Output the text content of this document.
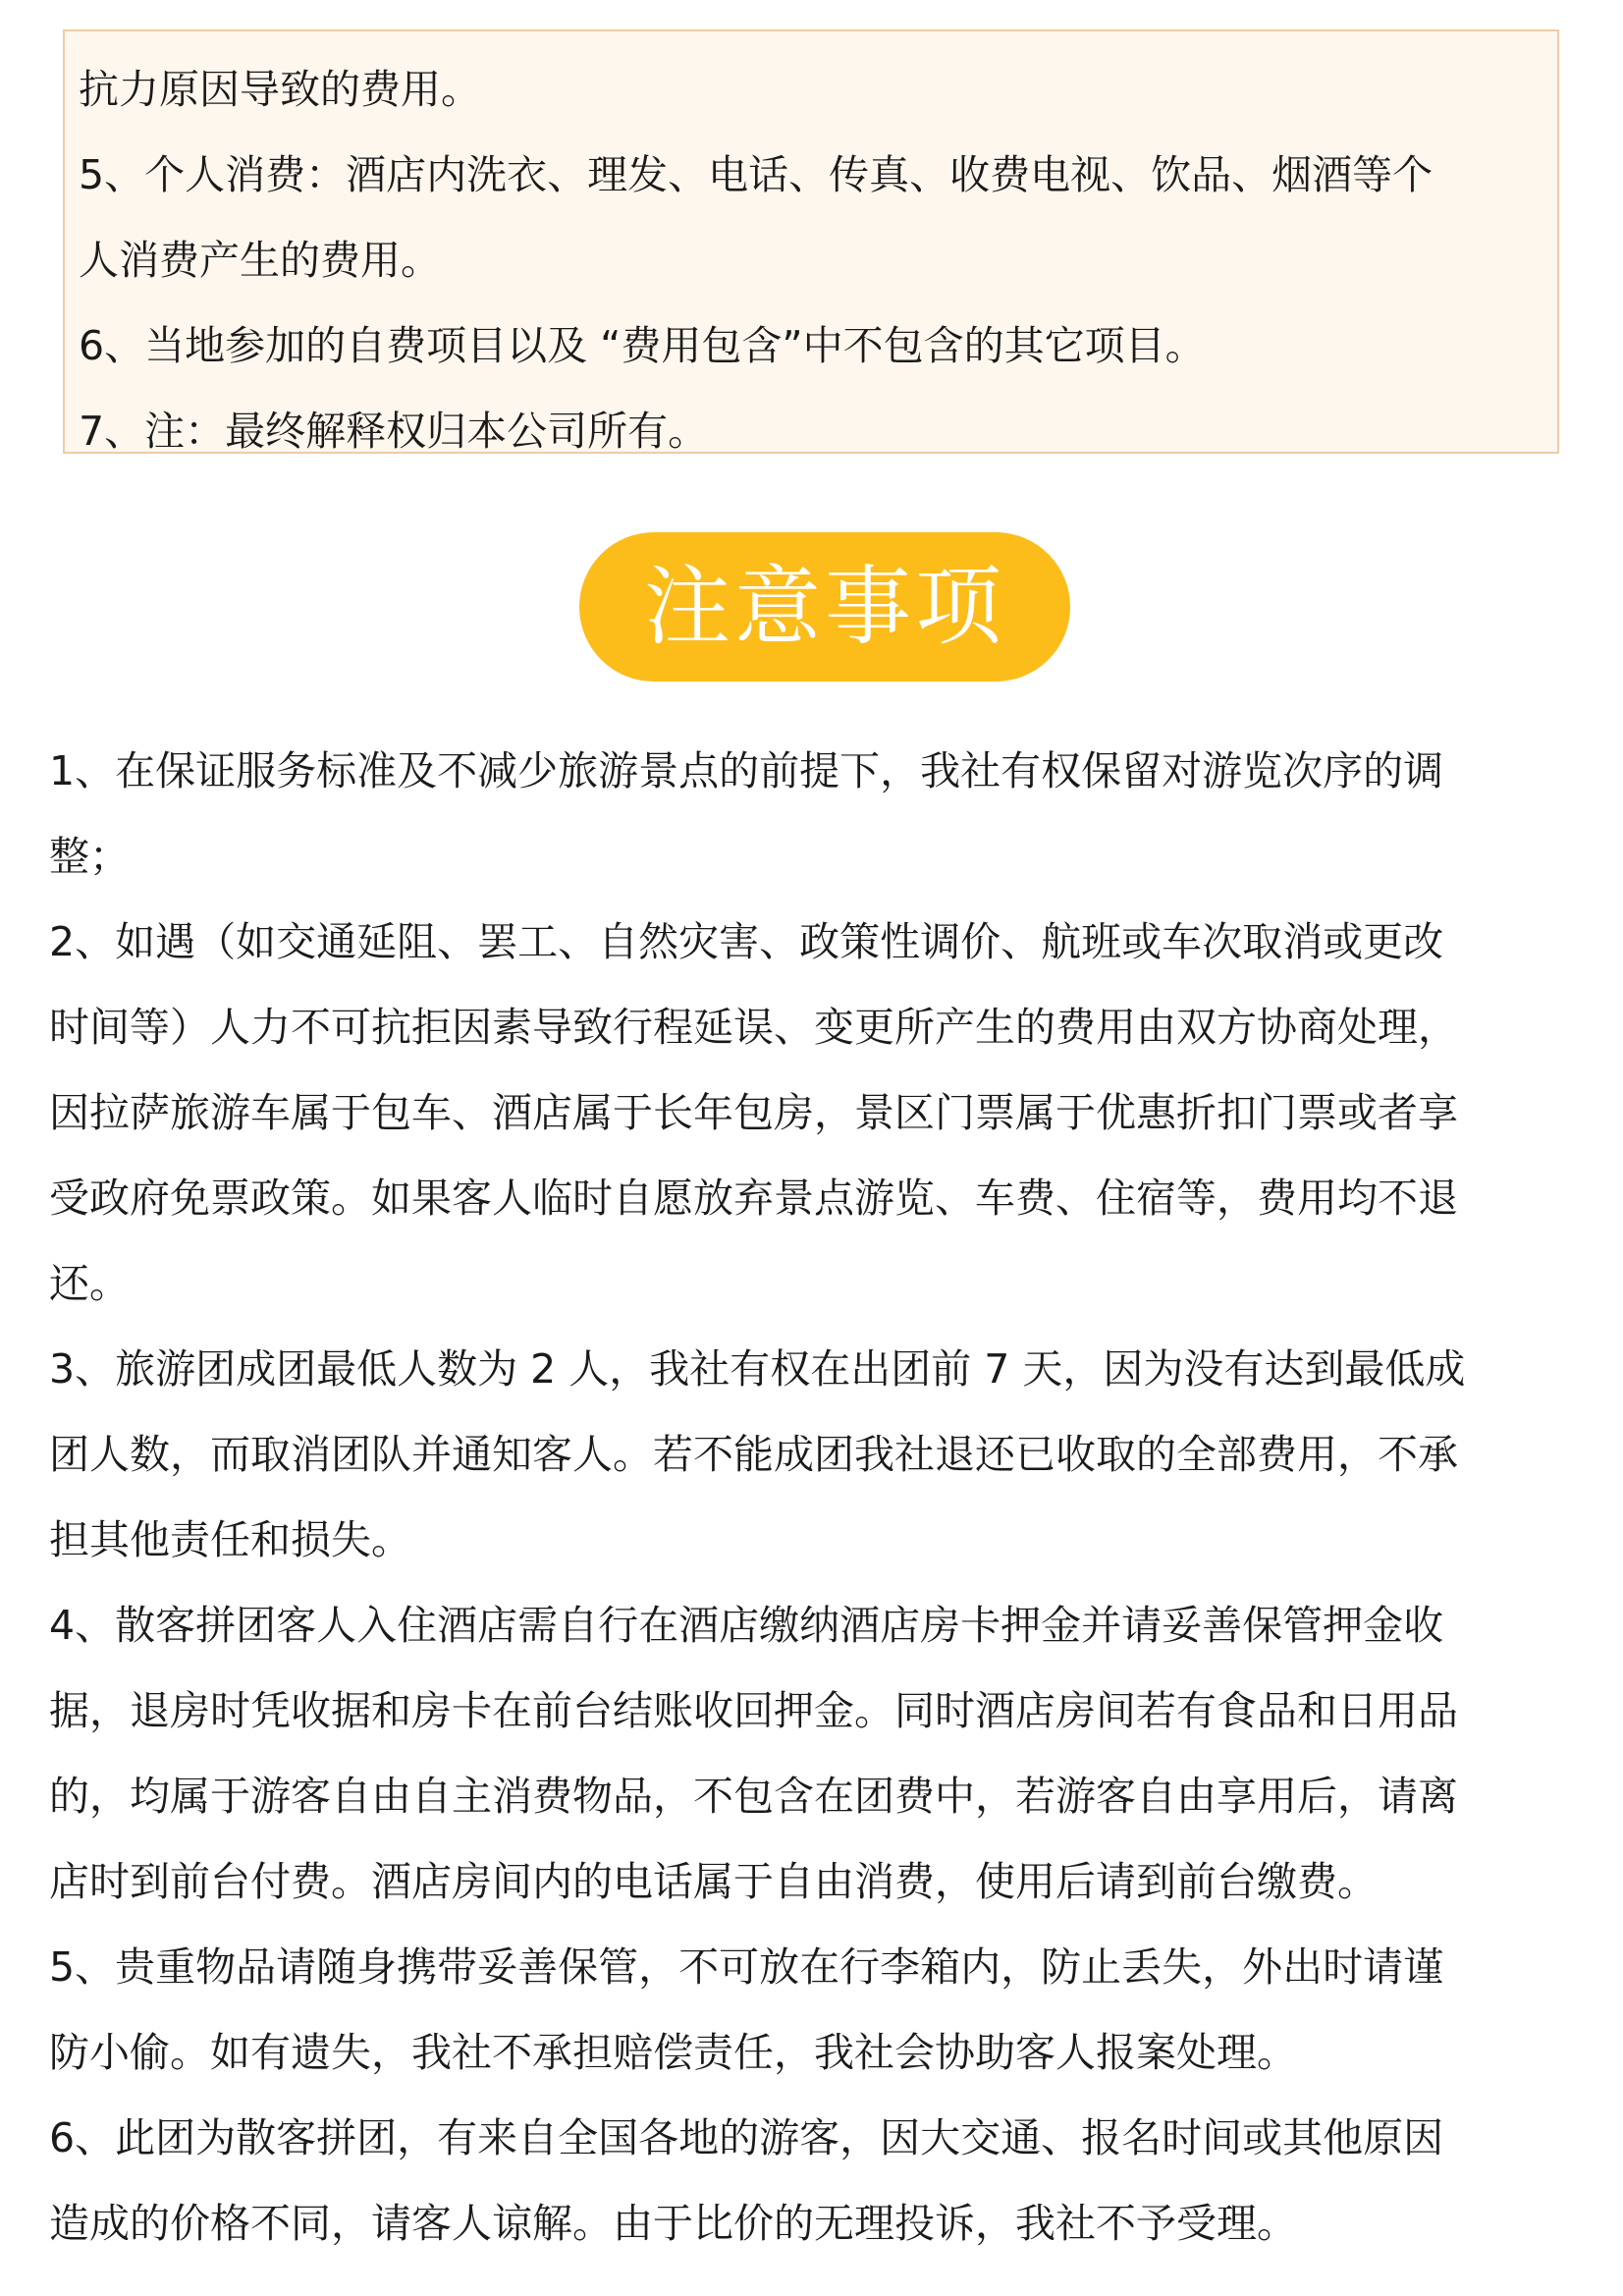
抗力原因导致的费用。
5、个人消费：酒店内洗衣、理发、电话、传真、收费电视、饮品、烟酒等个
人消费产生的费用。
6、当地参加的自费项目以及 “费用包含”中不包含的其它项目。
7、注：最终解释权归本公司所有。
注意事项
1、在保证服务标准及不减少旅游景点的前提下，我社有权保留对游览次序的调
整；
2、如遇（如交通延阻、罢工、自然灾害、政策性调价、航班或车次取消或更改
时间等）人力不可抗拒因素导致行程延误、变更所产生的费用由双方协商处理，
因拉萨旅游车属于包车、酒店属于长年包房，景区门票属于优惠折扣门票或者享
受政府免票政策。如果客人临时自愿放弃景点游览、车费、住宿等，费用均不退
还。
3、旅游团成团最低人数为 2 人，我社有权在出团前 7 天，因为没有达到最低成
团人数，而取消团队并通知客人。若不能成团我社退还已收取的全部费用，不承
担其他责任和损失。
4、散客拼团客人入住酒店需自行在酒店缴纳酒店房卡押金并请妥善保管押金收
据，退房时凭收据和房卡在前台结账收回押金。同时酒店房间若有食品和日用品
的，均属于游客自由自主消费物品，不包含在团费中，若游客自由享用后，请离
店时到前台付费。酒店房间内的电话属于自由消费，使用后请到前台缴费。
5、贵重物品请随身携带妥善保管，不可放在行李箱内，防止丢失，外出时请谨
防小偷。如有遗失，我社不承担赔偿责任，我社会协助客人报案处理。
6、此团为散客拼团，有来自全国各地的游客，因大交通、报名时间或其他原因
造成的价格不同，请客人谅解。由于比价的无理投诉，我社不予受理。
